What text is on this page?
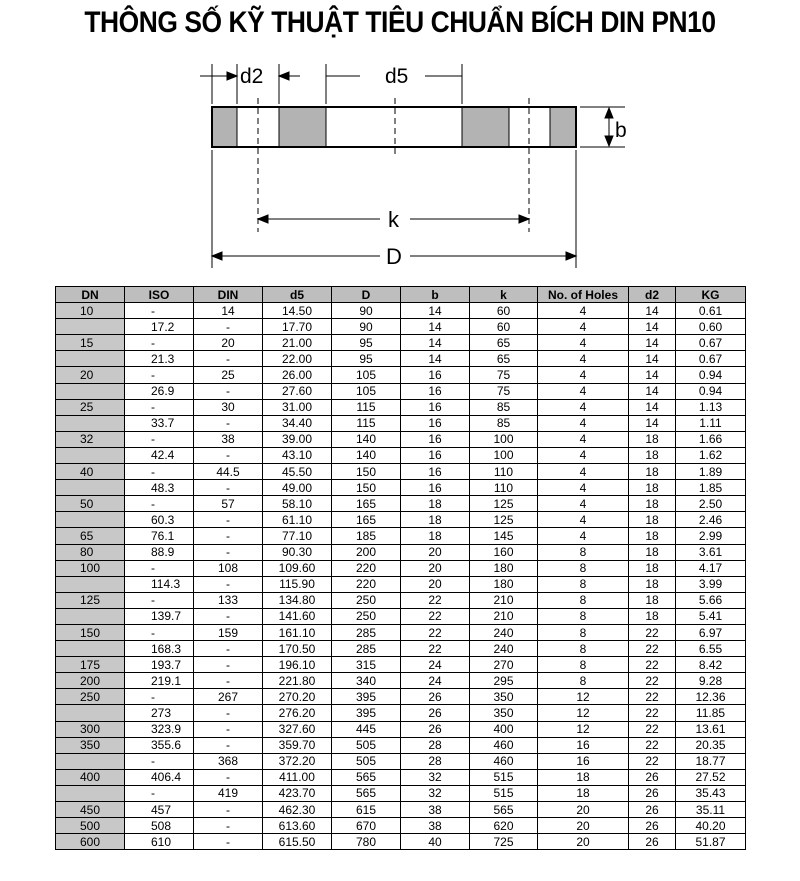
THÔNG SỐ KỸ THUẬT TIÊU CHUẨN BÍCH DIN PN10
d2	d5
b
k
D
DN	ISO	DIN	d5	D	b	k	No. of Holes	d2	KG
10	-	14	14.50	90	14	60	4	14	0.61
	17.2	-	17.70	90	14	60	4	14	0.60
15	-	20	21.00	95	14	65	4	14	0.67
	21.3	-	22.00	95	14	65	4	14	0.67
20	-	25	26.00	105	16	75	4	14	0.94
	26.9	-	27.60	105	16	75	4	14	0.94
25	-	30	31.00	115	16	85	4	14	1.13
	33.7	-	34.40	115	16	85	4	14	1.11
32	-	38	39.00	140	16	100	4	18	1.66
	42.4	-	43.10	140	16	100	4	18	1.62
40	-	44.5	45.50	150	16	110	4	18	1.89
	48.3	-	49.00	150	16	110	4	18	1.85
50	-	57	58.10	165	18	125	4	18	2.50
	60.3	-	61.10	165	18	125	4	18	2.46
65	76.1	-	77.10	185	18	145	4	18	2.99
80	88.9	-	90.30	200	20	160	8	18	3.61
100	-	108	109.60	220	20	180	8	18	4.17
	114.3	-	115.90	220	20	180	8	18	3.99
125	-	133	134.80	250	22	210	8	18	5.66
	139.7	-	141.60	250	22	210	8	18	5.41
150	-	159	161.10	285	22	240	8	22	6.97
	168.3	-	170.50	285	22	240	8	22	6.55
175	193.7	-	196.10	315	24	270	8	22	8.42
200	219.1	-	221.80	340	24	295	8	22	9.28
250	-	267	270.20	395	26	350	12	22	12.36
	273	-	276.20	395	26	350	12	22	11.85
300	323.9	-	327.60	445	26	400	12	22	13.61
350	355.6	-	359.70	505	28	460	16	22	20.35
	-	368	372.20	505	28	460	16	22	18.77
400	406.4	-	411.00	565	32	515	18	26	27.52
	-	419	423.70	565	32	515	18	26	35.43
450	457	-	462.30	615	38	565	20	26	35.11
500	508	-	613.60	670	38	620	20	26	40.20
600	610	-	615.50	780	40	725	20	26	51.87
